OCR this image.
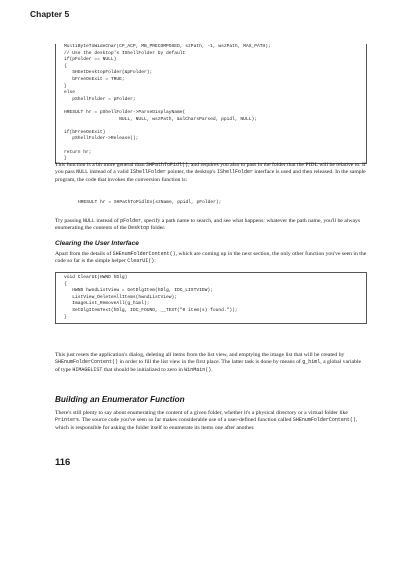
Chapter 5
MultiByteToWideChar(CP_ACP, MB_PRECOMPOSED, szPath, -1, wszPath, MAX_PATH);
// Use the desktop's IShellFolder by default
if(pFolder == NULL)
{
SHGetDesktopFolder(&pFolder);
bFreeOnExit = TRUE;
}
else
pShellFolder = pFolder;
HRESULT hr = pShellFolder->ParseDisplayName(
NULL, NULL, wszPath, &ulCharsParsed, ppidl, NULL);
if(bFreeOnExit)
pShellFolder->Release();
return hr;
}

This function is a bit more general than SHPathToPidl(), and requires you also to pass in the folder that the PIDL will be relative to. If you pass NULL instead of a valid IShellFolder pointer, the desktop's IShellFolder interface is used and then released. In the sample program, the code that invokes the conversion function is:

HRESULT hr = SHPathToPidlEx(szName, ppidl, pFolder);

Try passing NULL instead of pFolder, specify a path name to search, and see what happens: whatever the path name, you'll be always enumerating the contents of the Desktop folder.

Clearing the User Interface

Apart from the details of SHEnumFolderContent(), which are coming up in the next section, the only other function you've seen in the code so far is the simple helper ClearUI():

void ClearUI(HWND hDlg)
{
HWND hwndListView = GetDlgItem(hDlg, IDC_LISTVIEW);
ListView_DeleteAllItems(hwndListView);
ImageList_RemoveAll(g_himl);
SetDlgItemText(hDlg, IDC_FOUND, __TEXT("0 item(s) found."));
}

This just resets the application's dialog, deleting all items from the list view, and emptying the image list that will be created by SHEnumFolderContent() in order to fill the list view in the first place. The latter task is done by means of g_himl, a global variable of type HIMAGELIST that should be initialized to zero in WinMain().

Building an Enumerator Function

There's still plenty to say about enumerating the content of a given folder, whether it's a physical directory or a virtual folder like Printers. The source code you've seen so far makes considerable use of a user-defined function called SHEnumFolderContent(), which is responsible for asking the folder itself to enumerate its items one after another.

116
